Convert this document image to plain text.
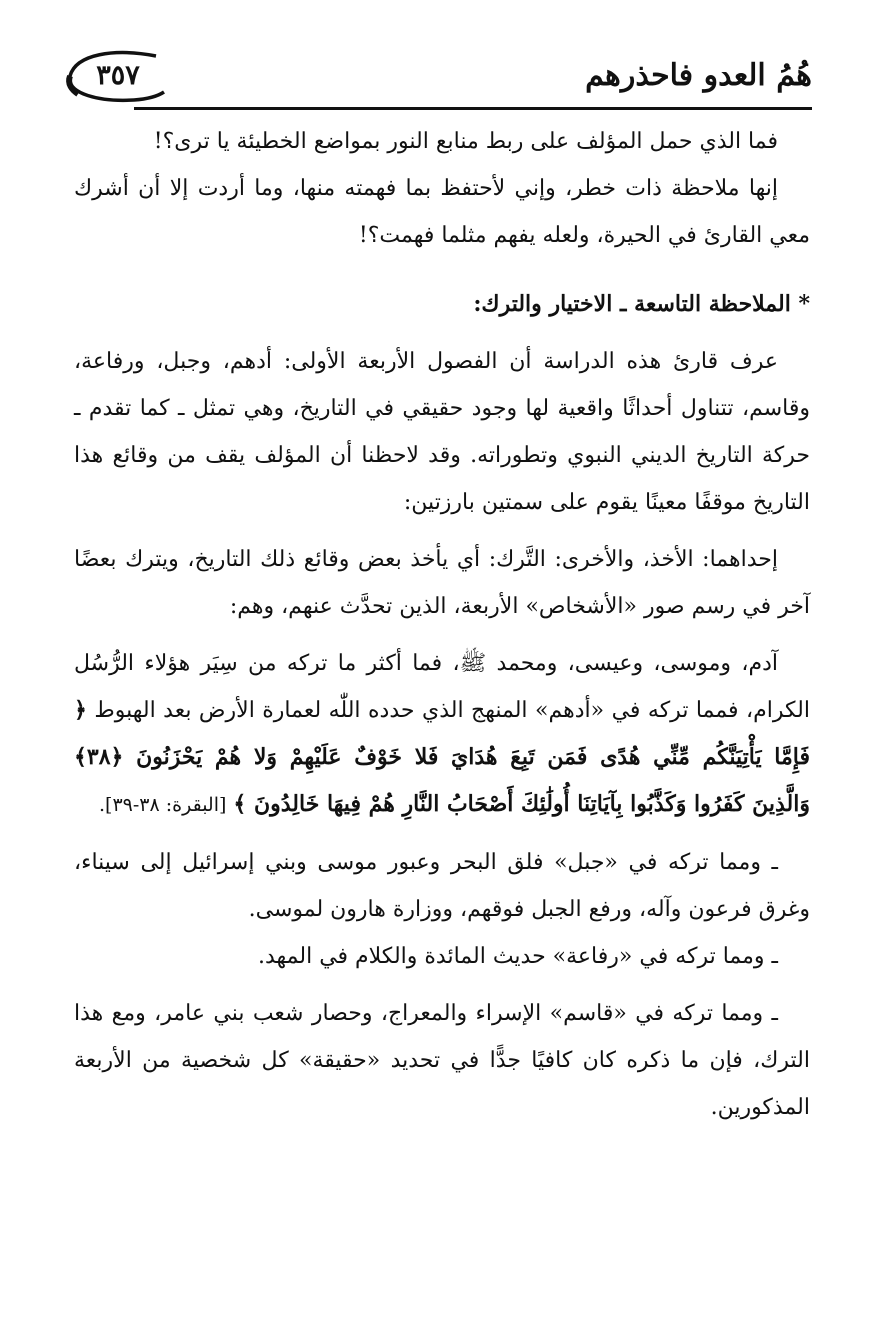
٣٥٧	هُمُ العدو فاحذرهم

فما الذي حمل المؤلف على ربط منابع النور بمواضع الخطيئة يا ترى؟!

إنها ملاحظة ذات خطر، وإني لأحتفظ بما فهمته منها، وما أردت إلا أن أشرك معي القارئ في الحيرة، ولعله يفهم مثلما فهمت؟!

* الملاحظة التاسعة ـ الاختيار والترك:

عرف قارئ هذه الدراسة أن الفصول الأربعة الأولى: أدهم، وجبل، ورفاعة، وقاسم، تتناول أحداثًا واقعية لها وجود حقيقي في التاريخ، وهي تمثل ـ كما تقدم ـ حركة التاريخ الديني النبوي وتطوراته. وقد لاحظنا أن المؤلف يقف من وقائع هذا التاريخ موقفًا معينًا يقوم على سمتين بارزتين:

إحداهما: الأخذ، والأخرى: التَّرك: أي يأخذ بعض وقائع ذلك التاريخ، ويترك بعضًا آخر في رسم صور «الأشخاص» الأربعة، الذين تحدَّث عنهم، وهم:

آدم، وموسى، وعيسى، ومحمد ﷺ، فما أكثر ما تركه من سِيَر هؤلاء الرُّسُل الكرام، فمما تركه في «أدهم» المنهج الذي حدده اللّٰه لعمارة الأرض بعد الهبوط ﴿ فَإِمَّا يَأْتِيَنَّكُم مِّنِّي هُدًى فَمَن تَبِعَ هُدَايَ فَلا خَوْفٌ عَلَيْهِمْ وَلا هُمْ يَحْزَنُونَ ﴿٣٨﴾ وَالَّذِينَ كَفَرُوا وَكَذَّبُوا بِآيَاتِنَا أُولَٰئِكَ أَصْحَابُ النَّارِ هُمْ فِيهَا خَالِدُونَ ﴾ [البقرة: ٣٨-٣٩].

ـ ومما تركه في «جبل» فلق البحر وعبور موسى وبني إسرائيل إلى سيناء، وغرق فرعون وآله، ورفع الجبل فوقهم، ووزارة هارون لموسى.

ـ ومما تركه في «رفاعة» حديث المائدة والكلام في المهد.

ـ ومما تركه في «قاسم» الإسراء والمعراج، وحصار شعب بني عامر، ومع هذا الترك، فإن ما ذكره كان كافيًا جدًّا في تحديد «حقيقة» كل شخصية من الأربعة المذكورين.
